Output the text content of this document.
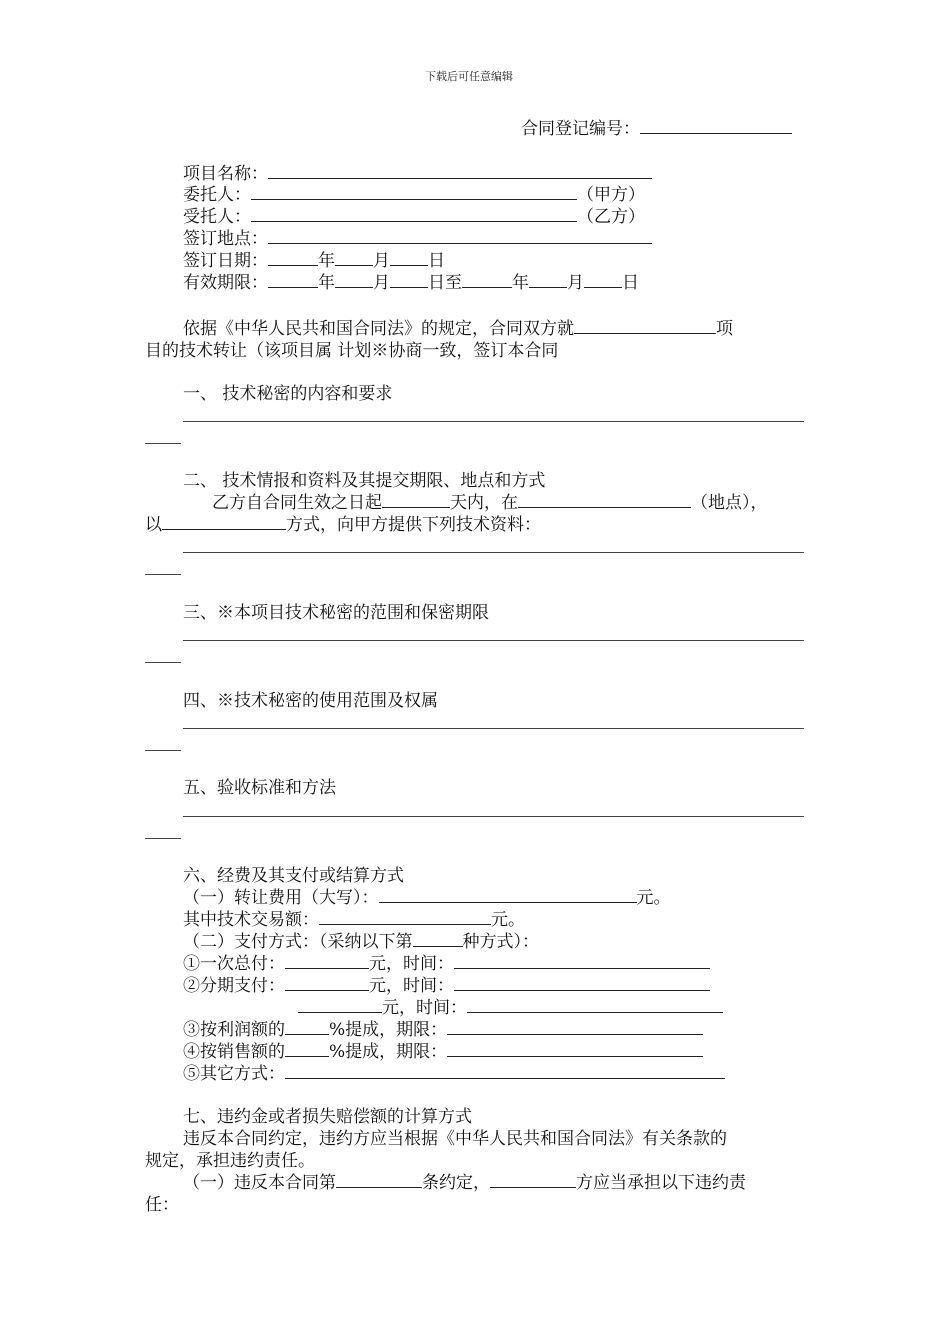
下载后可任意编辑
合同登记编号：
项目名称：
委托人：	（甲方）
受托人：	（乙方）
签订地点：
签订日期：	年 月 日
有效期限：	年 月 日至	年 月 日
依据《中华人民共和国合同法》的规定，合同双方就	项
目的技术转让（该项目属 计划※协商一致，签订本合同
一、 技术秘密的内容和要求
二、 技术情报和资料及其提交期限、地点和方式
乙方自合同生效之日起	天内，在	（地点），
以	方式，向甲方提供下列技术资料：
三、※本项目技术秘密的范围和保密期限
四、※技术秘密的使用范围及权属
五、验收标准和方法
六、经费及其支付或结算方式
（一）转让费用（大写）：	元。
其中技术交易额：	元。
（二）支付方式：（采纳以下第	种方式）：
①一次总付：	元，时间：
②分期支付：	元，时间：
元，时间：
③按利润额的	%提成，期限：
④按销售额的	%提成，期限：
⑤其它方式：
七、违约金或者损失赔偿额的计算方式
违反本合同约定，违约方应当根据《中华人民共和国合同法》有关条款的
规定，承担违约责任。
（一）违反本合同第	条约定，	方应当承担以下违约责
任：
